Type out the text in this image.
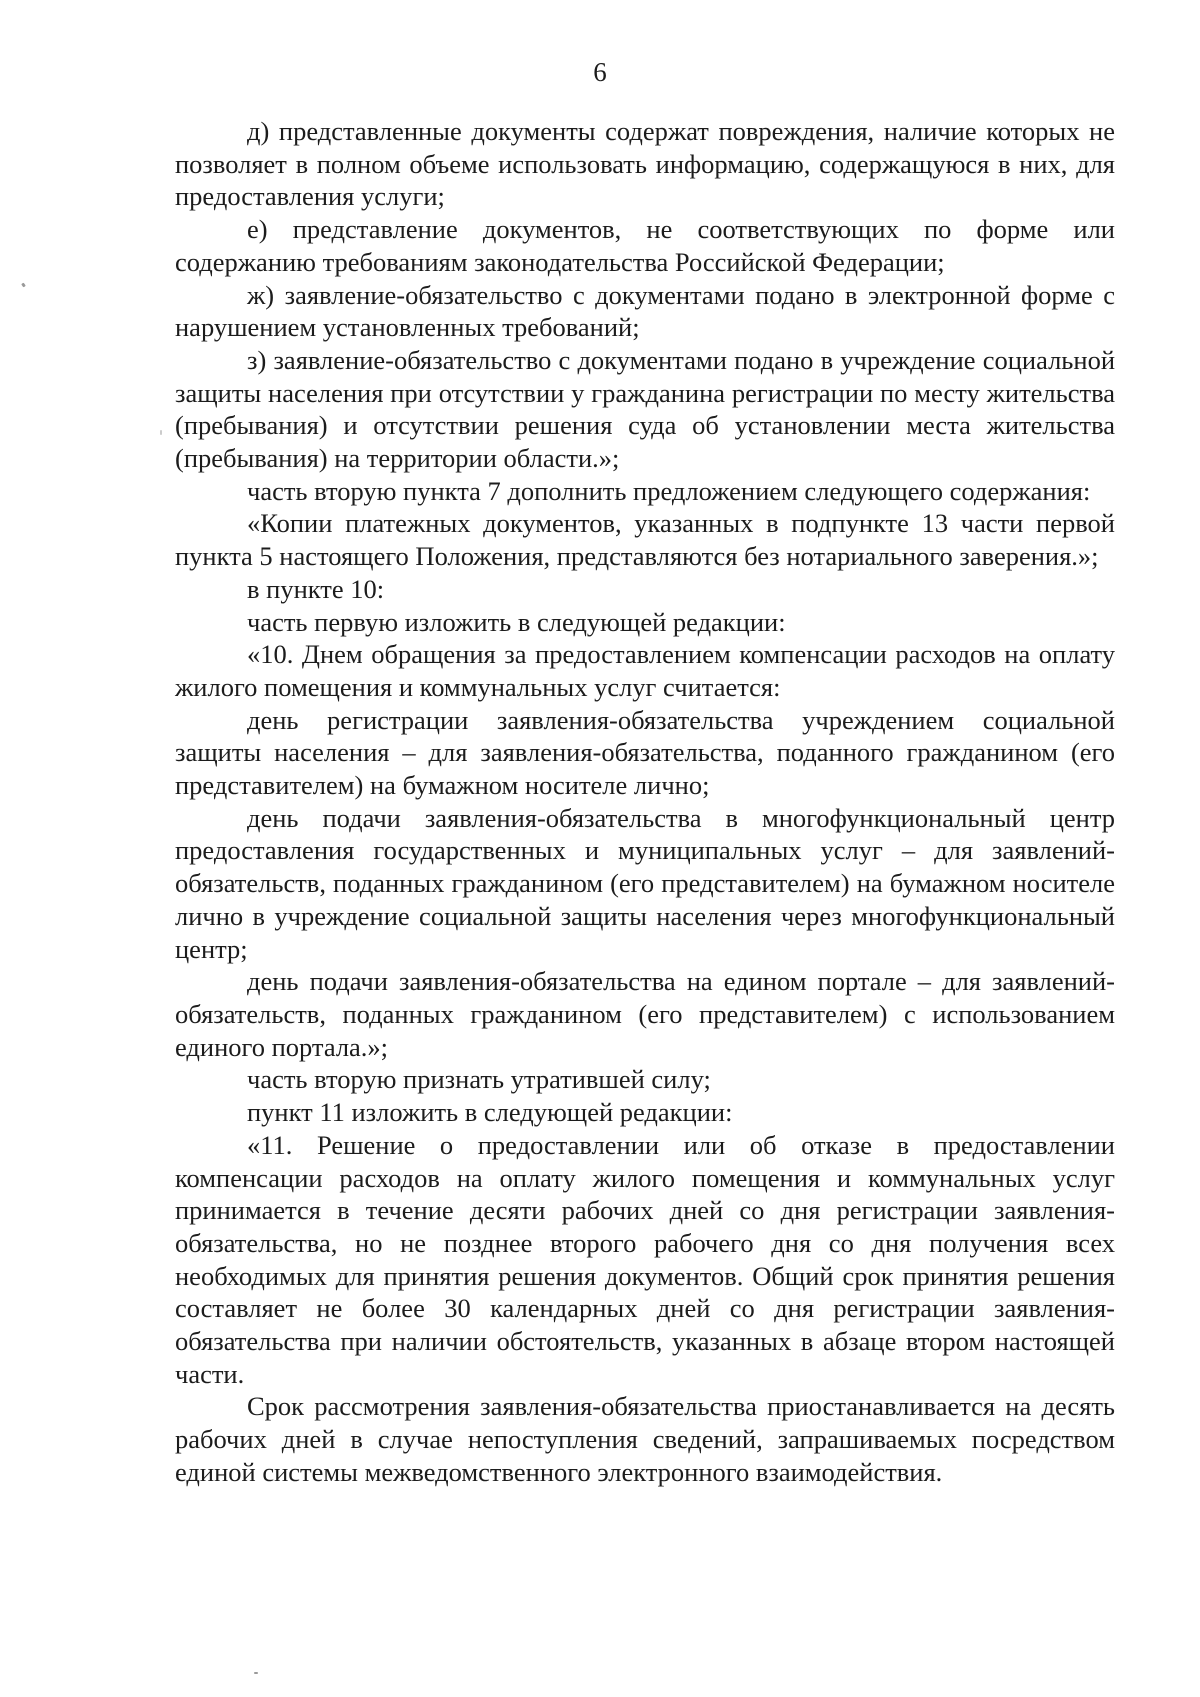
6

д) представленные документы содержат повреждения, наличие которых не позволяет в полном объеме использовать информацию, содержащуюся в них, для предоставления услуги;

е) представление документов, не соответствующих по форме или содержанию требованиям законодательства Российской Федерации;

ж) заявление-обязательство с документами подано в электронной форме с нарушением установленных требований;

з) заявление-обязательство с документами подано в учреждение социальной защиты населения при отсутствии у гражданина регистрации по месту жительства (пребывания) и отсутствии решения суда об установлении места жительства (пребывания) на территории области.»;

часть вторую пункта 7 дополнить предложением следующего содержания:

«Копии платежных документов, указанных в подпункте 13 части первой пункта 5 настоящего Положения, представляются без нотариального заверения.»;

в пункте 10:

часть первую изложить в следующей редакции:

«10. Днем обращения за предоставлением компенсации расходов на оплату жилого помещения и коммунальных услуг считается:

день регистрации заявления-обязательства учреждением социальной защиты населения – для заявления-обязательства, поданного гражданином (его представителем) на бумажном носителе лично;

день подачи заявления-обязательства в многофункциональный центр предоставления государственных и муниципальных услуг – для заявлений-обязательств, поданных гражданином (его представителем) на бумажном носителе лично в учреждение социальной защиты населения через многофункциональный центр;

день подачи заявления-обязательства на едином портале – для заявлений-обязательств, поданных гражданином (его представителем) с использованием единого портала.»;

часть вторую признать утратившей силу;

пункт 11 изложить в следующей редакции:

«11. Решение о предоставлении или об отказе в предоставлении компенсации расходов на оплату жилого помещения и коммунальных услуг принимается в течение десяти рабочих дней со дня регистрации заявления-обязательства, но не позднее второго рабочего дня со дня получения всех необходимых для принятия решения документов. Общий срок принятия решения составляет не более 30 календарных дней со дня регистрации заявления-обязательства при наличии обстоятельств, указанных в абзаце втором настоящей части.

Срок рассмотрения заявления-обязательства приостанавливается на десять рабочих дней в случае непоступления сведений, запрашиваемых посредством единой системы межведомственного электронного взаимодействия.
